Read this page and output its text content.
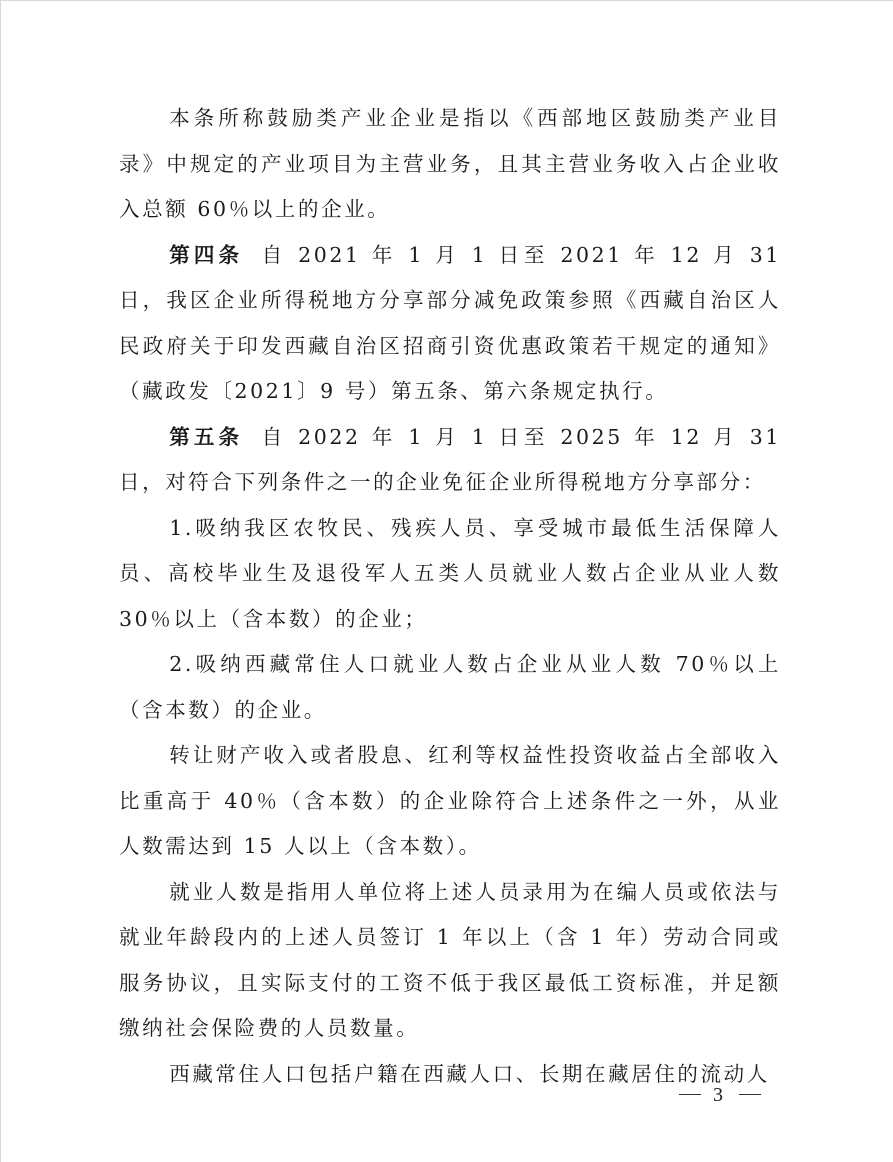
本条所称鼓励类产业企业是指以《西部地区鼓励类产业目录》中规定的产业项目为主营业务，且其主营业务收入占企业收入总额 60％以上的企业。

第四条 自 2021 年 1 月 1 日至 2021 年 12 月 31 日，我区企业所得税地方分享部分减免政策参照《西藏自治区人民政府关于印发西藏自治区招商引资优惠政策若干规定的通知》（藏政发〔2021〕9 号）第五条、第六条规定执行。

第五条 自 2022 年 1 月 1 日至 2025 年 12 月 31 日，对符合下列条件之一的企业免征企业所得税地方分享部分：

1.吸纳我区农牧民、残疾人员、享受城市最低生活保障人员、高校毕业生及退役军人五类人员就业人数占企业从业人数 30％以上（含本数）的企业；

2.吸纳西藏常住人口就业人数占企业从业人数 70％以上（含本数）的企业。

转让财产收入或者股息、红利等权益性投资收益占全部收入比重高于 40％（含本数）的企业除符合上述条件之一外，从业人数需达到 15 人以上（含本数）。

就业人数是指用人单位将上述人员录用为在编人员或依法与就业年龄段内的上述人员签订 1 年以上（含 1 年）劳动合同或服务协议，且实际支付的工资不低于我区最低工资标准，并足额缴纳社会保险费的人员数量。

西藏常住人口包括户籍在西藏人口、长期在藏居住的流动人

3
